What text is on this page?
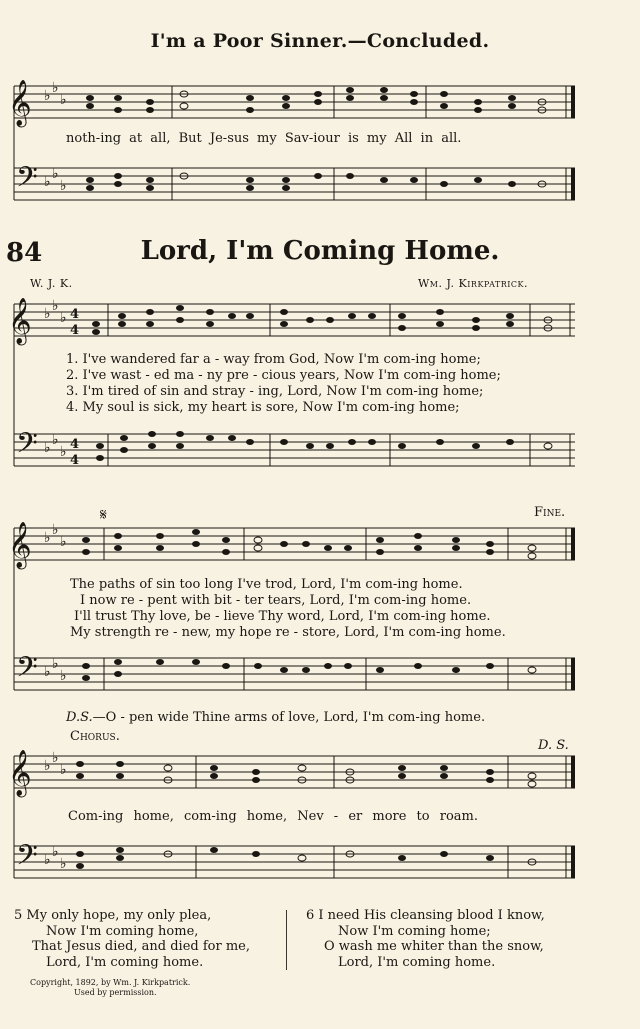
I'm a Poor Sinner.—Concluded.
𝄞
𝄢
♭ ♭
♭
♭ ♭
♭
noth-ing at all, But Je-sus my Sav-iour is my All in all.
84	Lord, I'm Coming Home.
W. J. K.	Wm. J. Kirkpatrick.
𝄞
𝄢
♭ ♭
♭
♭ ♭
♭
4
4
4
4
1. I've wandered far a - way from God, Now I'm com-ing home;
2. I've wast - ed ma - ny pre - cious years, Now I'm com-ing home;
3. I'm tired of sin and stray - ing, Lord, Now I'm com-ing home;
4. My soul is sick, my heart is sore, Now I'm com-ing home;
𝄋	Fine.
𝄞
𝄢
♭ ♭
♭
♭ ♭
♭
The paths of sin too long I've trod, Lord, I'm com-ing home.
I now re - pent with bit - ter tears, Lord, I'm com-ing home.
I'll trust Thy love, be - lieve Thy word, Lord, I'm com-ing home.
My strength re - new, my hope re - store, Lord, I'm com-ing home.
D.S.—O - pen wide Thine arms of love, Lord, I'm com-ing home.
Chorus.
D. S.
𝄞
𝄢
♭ ♭
♭
♭ ♭
♭
Com-ing home, com-ing home, Nev - er more to roam.
5 My only hope, my only plea,
Now I'm coming home,
That Jesus died, and died for me,
Lord, I'm coming home.
6 I need His cleansing blood I know,
Now I'm coming home;
O wash me whiter than the snow,
Lord, I'm coming home.
Copyright, 1892, by Wm. J. Kirkpatrick.
Used by permission.
